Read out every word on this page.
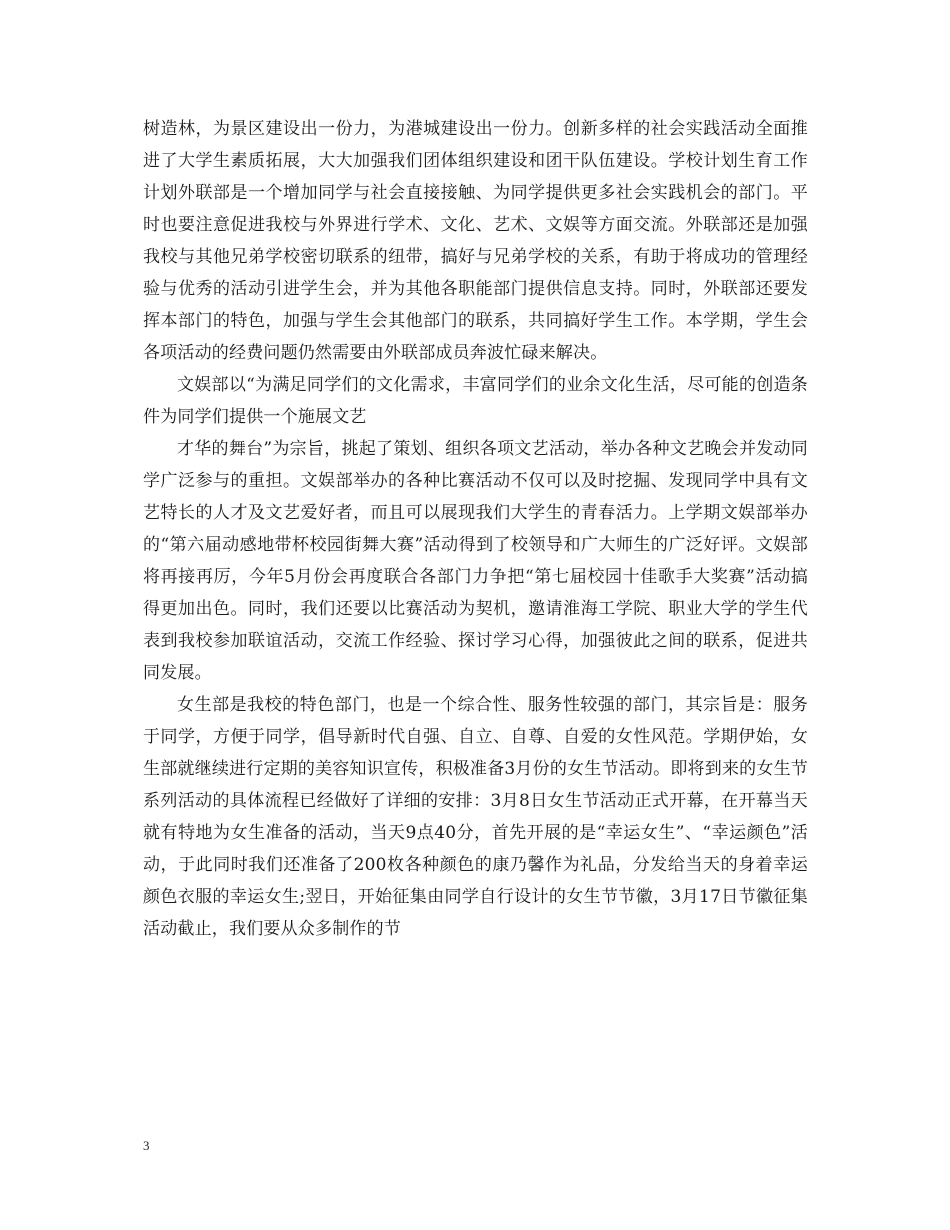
树造林，为景区建设出一份力，为港城建设出一份力。创新多样的社会实践活动全面推进了大学生素质拓展，大大加强我们团体组织建设和团干队伍建设。学校计划生育工作计划外联部是一个增加同学与社会直接接触、为同学提供更多社会实践机会的部门。平时也要注意促进我校与外界进行学术、文化、艺术、文娱等方面交流。外联部还是加强我校与其他兄弟学校密切联系的纽带，搞好与兄弟学校的关系，有助于将成功的管理经验与优秀的活动引进学生会，并为其他各职能部门提供信息支持。同时，外联部还要发挥本部门的特色，加强与学生会其他部门的联系，共同搞好学生工作。本学期，学生会各项活动的经费问题仍然需要由外联部成员奔波忙碌来解决。

文娱部以“为满足同学们的文化需求，丰富同学们的业余文化生活，尽可能的创造条件为同学们提供一个施展文艺

才华的舞台”为宗旨，挑起了策划、组织各项文艺活动，举办各种文艺晚会并发动同学广泛参与的重担。文娱部举办的各种比赛活动不仅可以及时挖掘、发现同学中具有文艺特长的人才及文艺爱好者，而且可以展现我们大学生的青春活力。上学期文娱部举办的“第六届动感地带杯校园街舞大赛”活动得到了校领导和广大师生的广泛好评。文娱部将再接再厉，今年5月份会再度联合各部门力争把“第七届校园十佳歌手大奖赛”活动搞得更加出色。同时，我们还要以比赛活动为契机，邀请淮海工学院、职业大学的学生代表到我校参加联谊活动，交流工作经验、探讨学习心得，加强彼此之间的联系，促进共同发展。

女生部是我校的特色部门，也是一个综合性、服务性较强的部门，其宗旨是：服务于同学，方便于同学，倡导新时代自强、自立、自尊、自爱的女性风范。学期伊始，女生部就继续进行定期的美容知识宣传，积极准备3月份的女生节活动。即将到来的女生节系列活动的具体流程已经做好了详细的安排：3月8日女生节活动正式开幕，在开幕当天就有特地为女生准备的活动，当天9点40分，首先开展的是“幸运女生”、“幸运颜色”活动，于此同时我们还准备了200枚各种颜色的康乃馨作为礼品，分发给当天的身着幸运颜色衣服的幸运女生;翌日，开始征集由同学自行设计的女生节节徽，3月17日节徽征集活动截止，我们要从众多制作的节

3
